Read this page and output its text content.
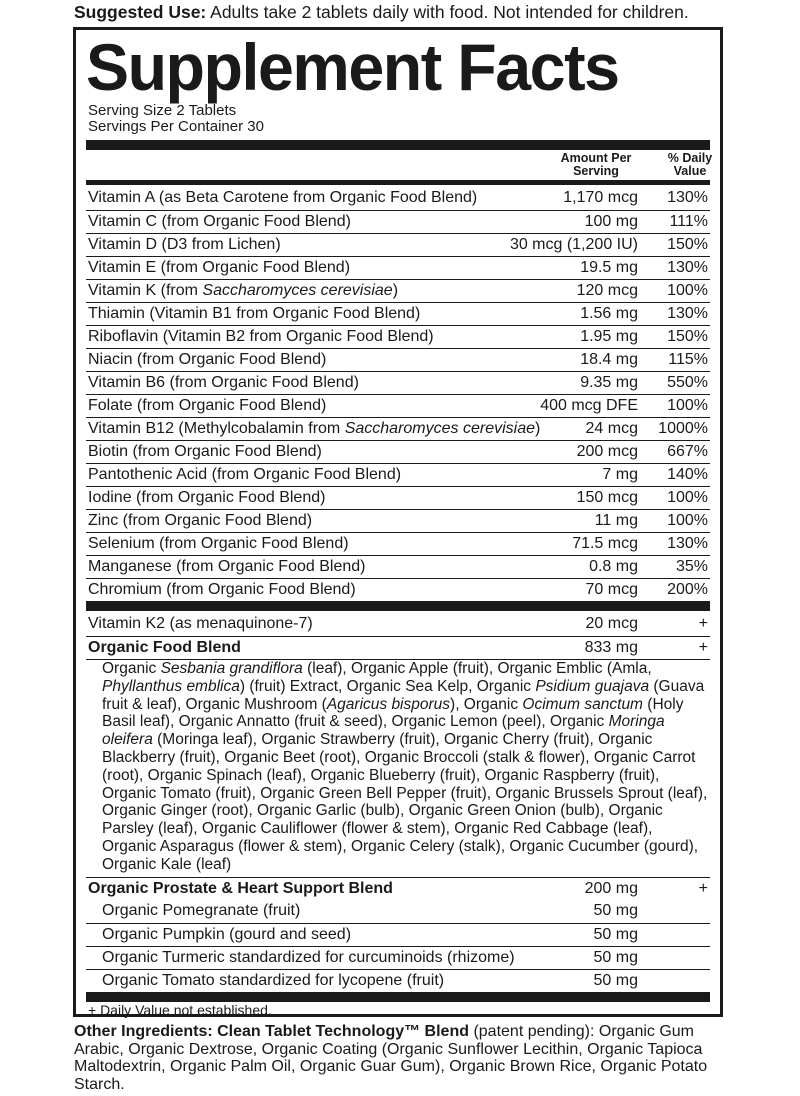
Suggested Use: Adults take 2 tablets daily with food. Not intended for children.
Supplement Facts
Serving Size 2 Tablets
Servings Per Container 30
Amount Per
Serving
% Daily
Value
Vitamin A (as Beta Carotene from Organic Food Blend)	1,170 mcg 130%
Vitamin C (from Organic Food Blend)	100 mg 111%
Vitamin D (D3 from Lichen)	30 mcg (1,200 IU) 150%
Vitamin E (from Organic Food Blend)	19.5 mg 130%
Vitamin K (from Saccharomyces cerevisiae)	120 mcg 100%
Thiamin (Vitamin B1 from Organic Food Blend)	1.56 mg 130%
Riboflavin (Vitamin B2 from Organic Food Blend)	1.95 mg 150%
Niacin (from Organic Food Blend)	18.4 mg 115%
Vitamin B6 (from Organic Food Blend)	9.35 mg 550%
Folate (from Organic Food Blend)	400 mcg DFE 100%
Vitamin B12 (Methylcobalamin from Saccharomyces cerevisiae)	24 mcg 1000%
Biotin (from Organic Food Blend)	200 mcg 667%
Pantothenic Acid (from Organic Food Blend)	7 mg 140%
Iodine (from Organic Food Blend)	150 mcg 100%
Zinc (from Organic Food Blend)	11 mg 100%
Selenium (from Organic Food Blend)	71.5 mcg 130%
Manganese (from Organic Food Blend)	0.8 mg 35%
Chromium (from Organic Food Blend)	70 mcg 200%
Vitamin K2 (as menaquinone-7)	20 mcg	+
Organic Food Blend	833 mg	+
Organic Sesbania grandiflora (leaf), Organic Apple (fruit), Organic Emblic (Amla, Phyllanthus emblica) (fruit) Extract, Organic Sea Kelp, Organic Psidium guajava (Guava fruit & leaf), Organic Mushroom (Agaricus bisporus), Organic Ocimum sanctum (Holy Basil leaf), Organic Annatto (fruit & seed), Organic Lemon (peel), Organic Moringa oleifera (Moringa leaf), Organic Strawberry (fruit), Organic Cherry (fruit), Organic Blackberry (fruit), Organic Beet (root), Organic Broccoli (stalk & flower), Organic Carrot (root), Organic Spinach (leaf), Organic Blueberry (fruit), Organic Raspberry (fruit), Organic Tomato (fruit), Organic Green Bell Pepper (fruit), Organic Brussels Sprout (leaf), Organic Ginger (root), Organic Garlic (bulb), Organic Green Onion (bulb), Organic Parsley (leaf), Organic Cauliflower (flower & stem), Organic Red Cabbage (leaf), Organic Asparagus (flower & stem), Organic Celery (stalk), Organic Cucumber (gourd), Organic Kale (leaf)
Organic Prostate & Heart Support Blend	200 mg	+
Organic Pomegranate (fruit)	50 mg
Organic Pumpkin (gourd and seed)	50 mg
Organic Turmeric standardized for curcuminoids (rhizome)	50 mg
Organic Tomato standardized for lycopene (fruit)	50 mg
+ Daily Value not established.
Other Ingredients: Clean Tablet Technology™ Blend (patent pending): Organic Gum Arabic, Organic Dextrose, Organic Coating (Organic Sunflower Lecithin, Organic Tapioca Maltodextrin, Organic Palm Oil, Organic Guar Gum), Organic Brown Rice, Organic Potato Starch.
